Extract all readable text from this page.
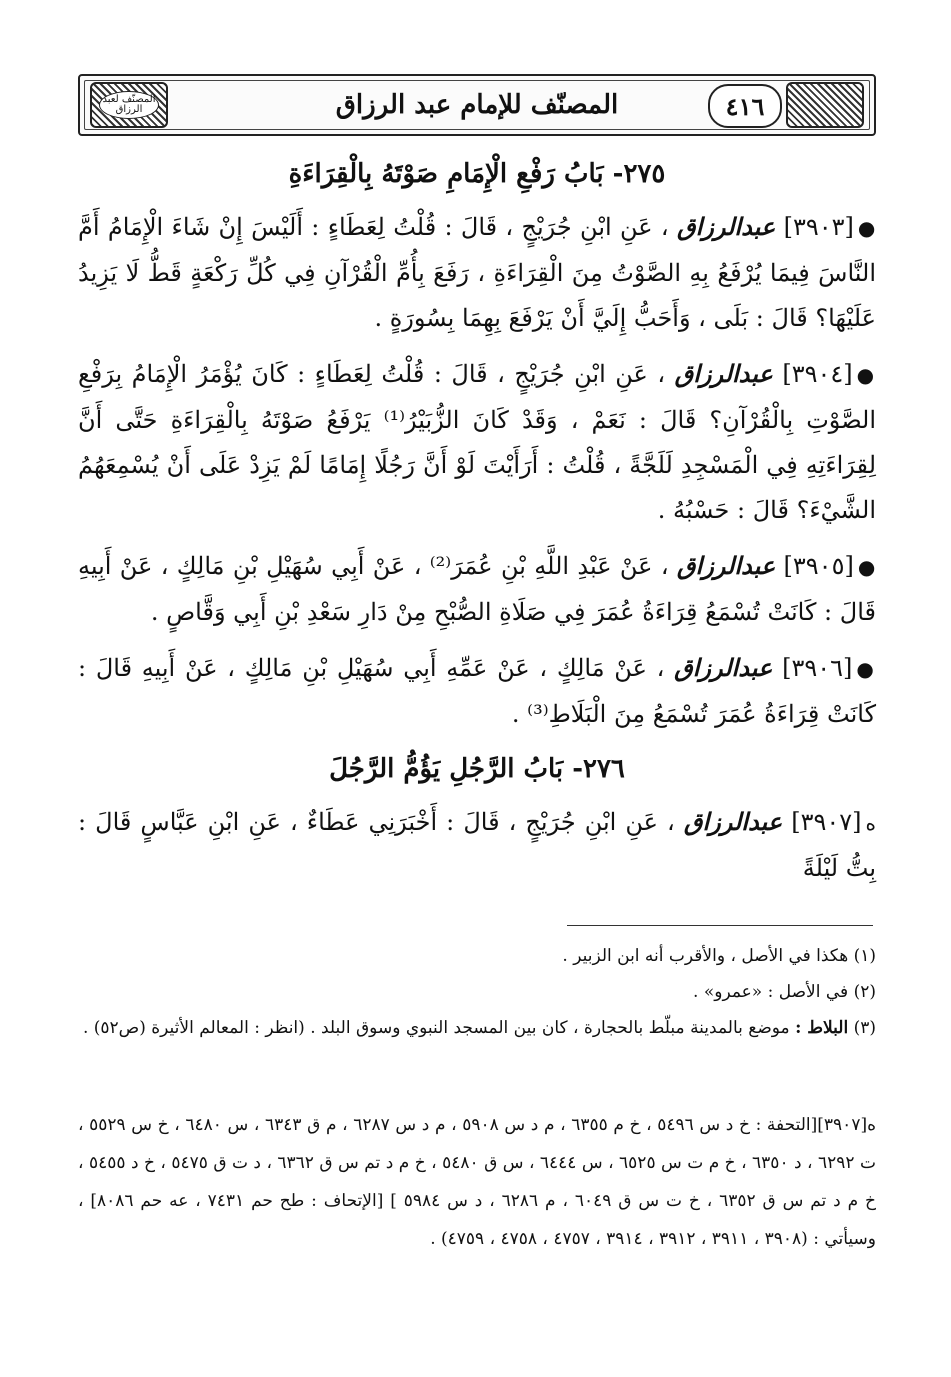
المصنّف لعبد الرزاق	المصنّف للإمام عبد الرزاق	٤١٦
٢٧٥- بَابُ رَفْعِ الْإِمَامِ صَوْتَهُ بِالْقِرَاءَةِ

●[٣٩٠٣] عبدالرزاق ، عَنِ ابْنِ جُرَيْجٍ ، قَالَ : قُلْتُ لِعَطَاءٍ : أَلَيْسَ إِنْ شَاءَ الْإِمَامُ أَمَّ النَّاسَ فِيمَا يُرْفَعُ بِهِ الصَّوْتُ مِنَ الْقِرَاءَةِ ، رَفَعَ بِأُمِّ الْقُرْآنِ فِي كُلِّ رَكْعَةٍ قَطُّ لَا يَزِيدُ عَلَيْهَا؟ قَالَ : بَلَى ، وَأَحَبُّ إِلَيَّ أَنْ يَرْفَعَ بِهِمَا بِسُورَةٍ .

●[٣٩٠٤] عبدالرزاق ، عَنِ ابْنِ جُرَيْجٍ ، قَالَ : قُلْتُ لِعَطَاءٍ : كَانَ يُؤْمَرُ الْإِمَامُ بِرَفْعِ الصَّوْتِ بِالْقُرْآنِ؟ قَالَ : نَعَمْ ، وَقَدْ كَانَ الزُّبَيْرُ⁽¹⁾ يَرْفَعُ صَوْتَهُ بِالْقِرَاءَةِ حَتَّى أَنَّ لِقِرَاءَتِهِ فِي الْمَسْجِدِ لَلَجَّةً ، قُلْتُ : أَرَأَيْتَ لَوْ أَنَّ رَجُلًا إِمَامًا لَمْ يَزِدْ عَلَى أَنْ يُسْمِعَهُمُ الشَّيْءَ؟ قَالَ : حَسْبُهُ .

●[٣٩٠٥] عبدالرزاق ، عَنْ عَبْدِ اللَّهِ بْنِ عُمَرَ⁽²⁾ ، عَنْ أَبِي سُهَيْلِ بْنِ مَالِكٍ ، عَنْ أَبِيهِ قَالَ : كَانَتْ تُسْمَعُ قِرَاءَةُ عُمَرَ فِي صَلَاةِ الصُّبْحِ مِنْ دَارِ سَعْدِ بْنِ أَبِي وَقَّاصٍ .

●[٣٩٠٦] عبدالرزاق ، عَنْ مَالِكٍ ، عَنْ عَمِّهِ أَبِي سُهَيْلِ بْنِ مَالِكٍ ، عَنْ أَبِيهِ قَالَ : كَانَتْ قِرَاءَةُ عُمَرَ تُسْمَعُ مِنَ الْبَلَاطِ⁽³⁾ .

٢٧٦- بَابُ الرَّجُلِ يَؤُمُّ الرَّجُلَ

ه[٣٩٠٧] عبدالرزاق ، عَنِ ابْنِ جُرَيْجٍ ، قَالَ : أَخْبَرَنِي عَطَاءٌ ، عَنِ ابْنِ عَبَّاسٍ قَالَ : بِتُّ لَيْلَةً

(١) هكذا في الأصل ، والأقرب أنه ابن الزبير .

(٢) في الأصل : «عمرو» .

(٣) البلاط : موضع بالمدينة مبلّط بالحجارة ، كان بين المسجد النبوي وسوق البلد . (انظر : المعالم الأثيرة (ص٥٢) .

ه[٣٩٠٧][التحفة : خ د س ٥٤٩٦ ، خ م ٦٣٥٥ ، م د س ٥٩٠٨ ، م د س ٦٢٨٧ ، م ق ٦٣٤٣ ، س ٦٤٨٠ ، خ س ٥٥٢٩ ، ت ٦٢٩٢ ، د ٦٣٥٠ ، خ م ت س ٦٥٢٥ ، س ٦٤٤٤ ، س ق ٥٤٨٠ ، خ م د تم س ق ٦٣٦٢ ، د ت ق ٥٤٧٥ ، خ د ٥٤٥٥ ، خ م د تم س ق ٦٣٥٢ ، خ ت س ق ٦٠٤٩ ، م ٦٢٨٦ ، د س ٥٩٨٤ ] [الإتحاف : طح حم ٧٤٣١ ، عه حم ٨٠٨٦] ، وسيأتي : (٣٩٠٨ ، ٣٩١١ ، ٣٩١٢ ، ٣٩١٤ ، ٤٧٥٧ ، ٤٧٥٨ ، ٤٧٥٩) .
